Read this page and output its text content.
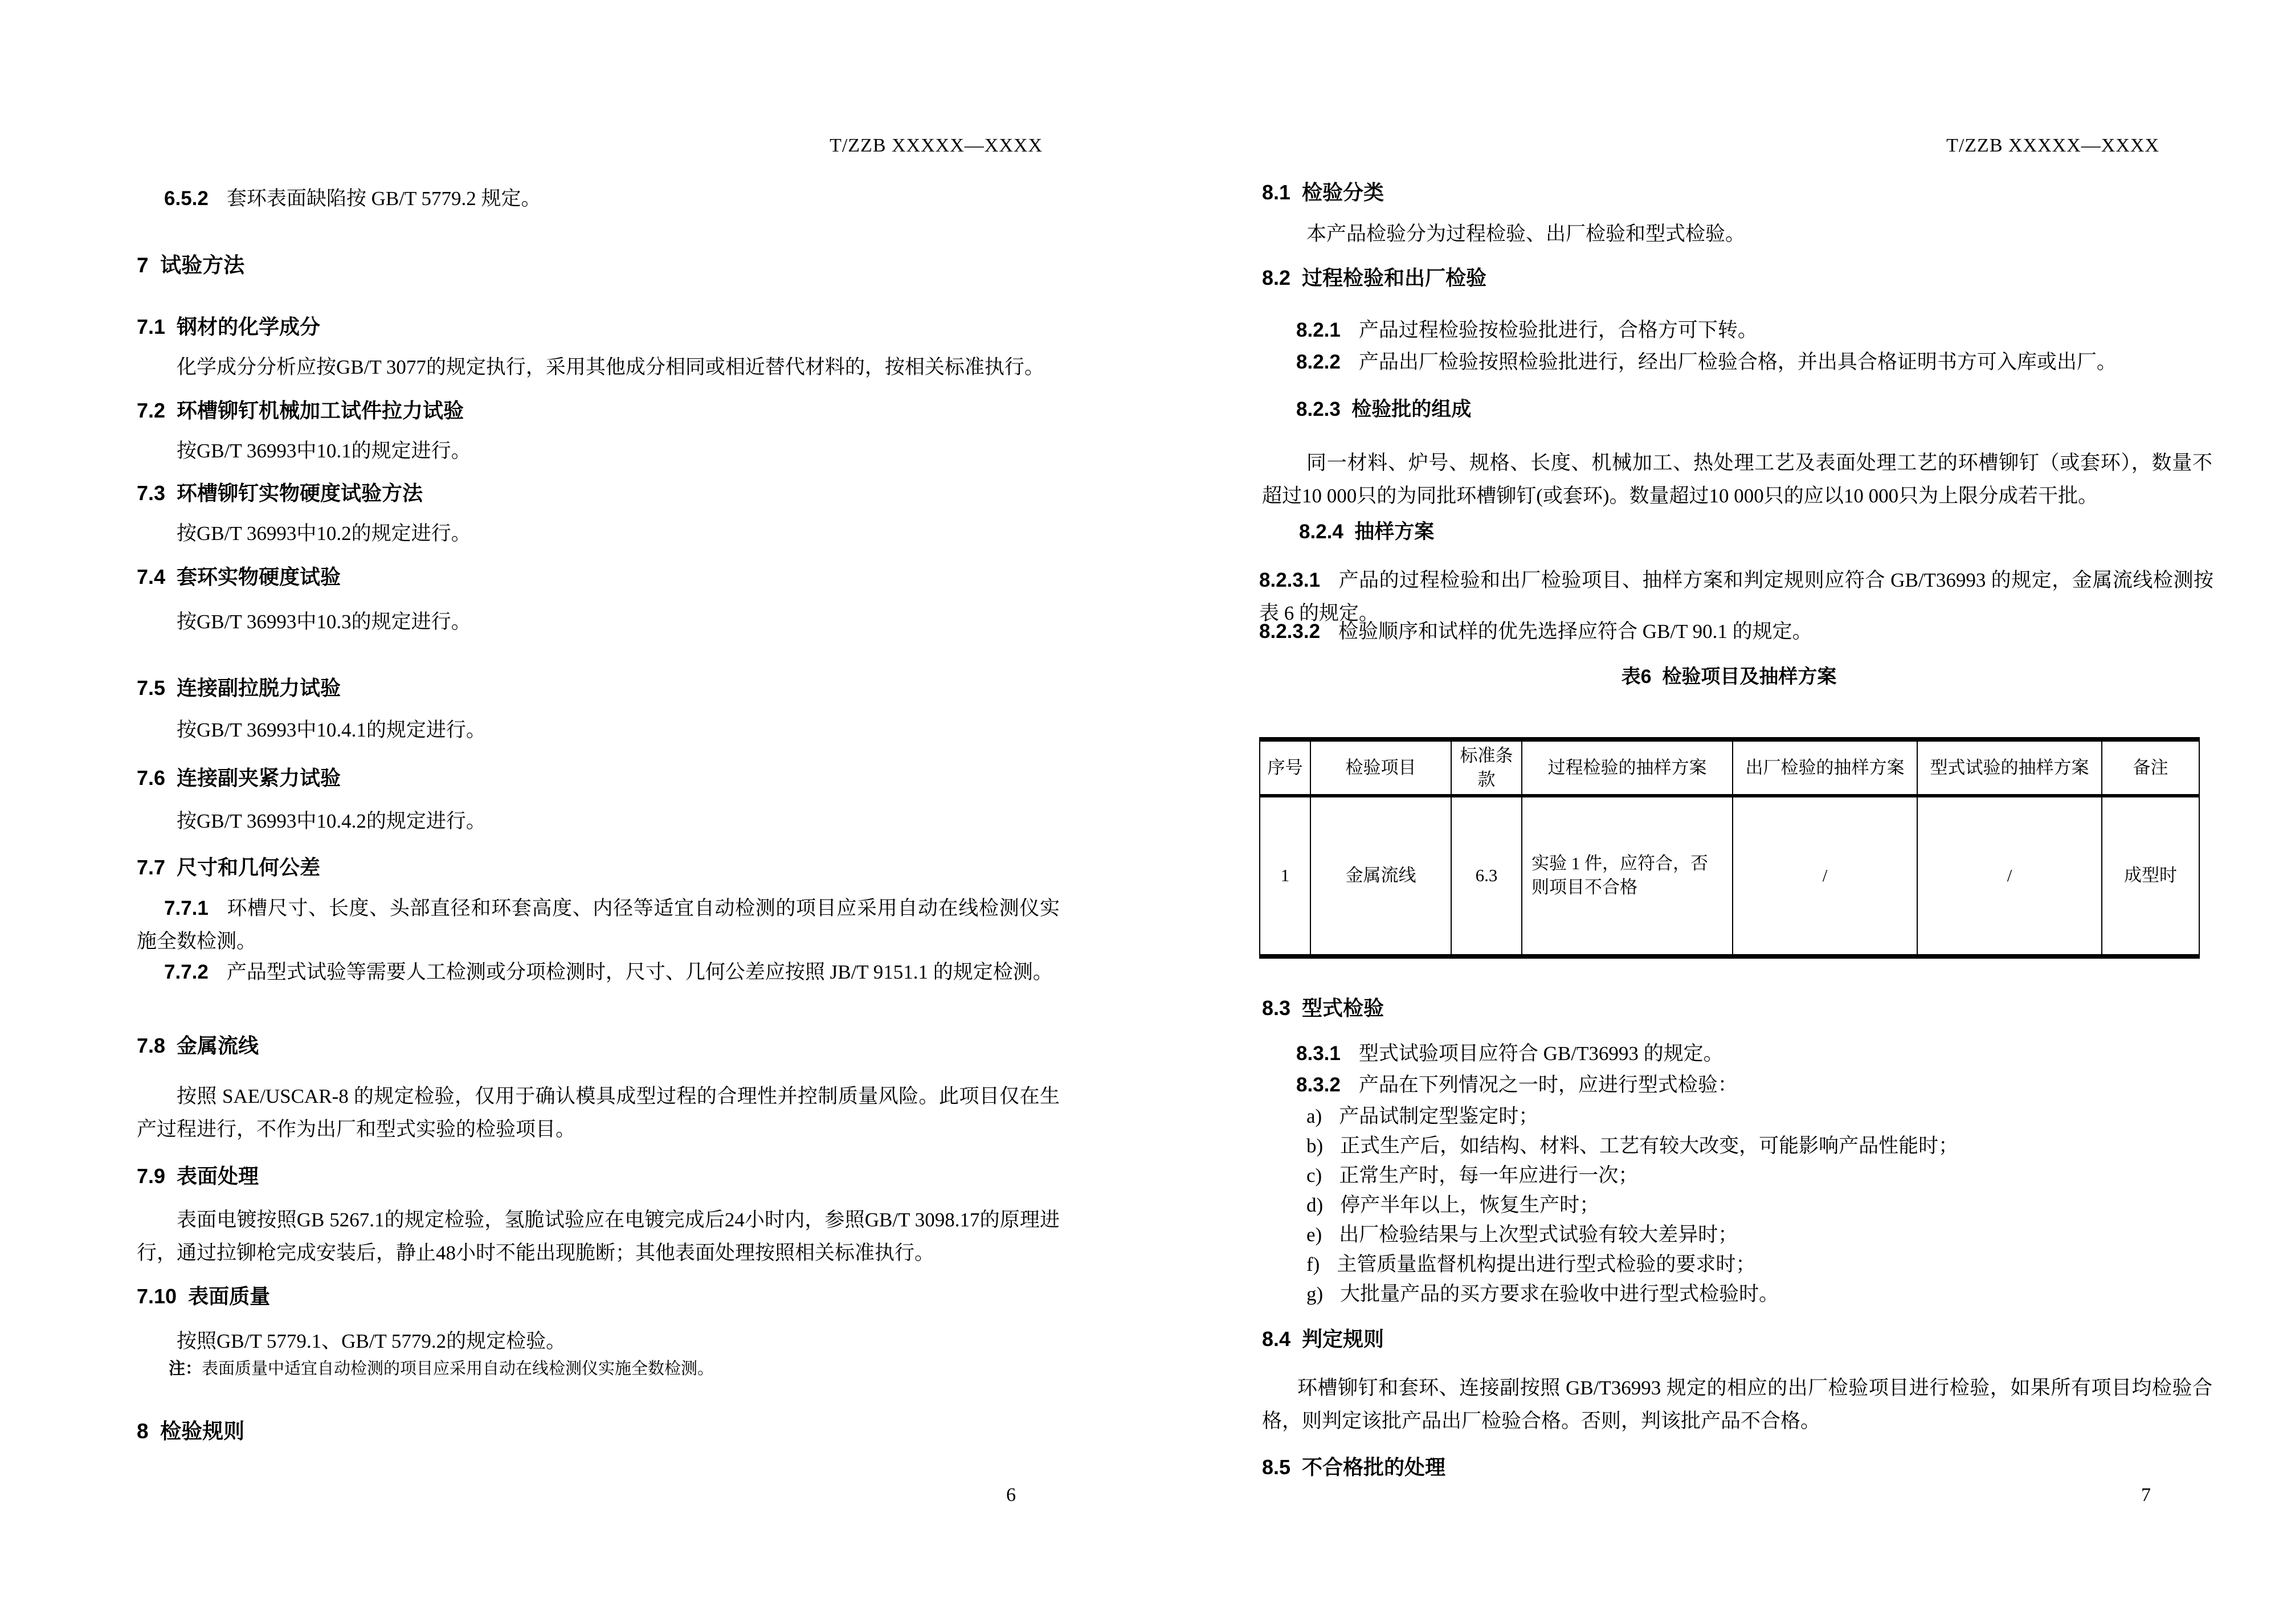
T/ZZB XXXXX—XXXX
6.5.2 套环表面缺陷按 GB/T 5779.2 规定。
7  试验方法
7.1  钢材的化学成分
化学成分分析应按GB/T 3077的规定执行，采用其他成分相同或相近替代材料的，按相关标准执行。
7.2  环槽铆钉机械加工试件拉力试验
按GB/T 36993中10.1的规定进行。
7.3  环槽铆钉实物硬度试验方法
按GB/T 36993中10.2的规定进行。
7.4  套环实物硬度试验
按GB/T 36993中10.3的规定进行。
7.5  连接副拉脱力试验
按GB/T 36993中10.4.1的规定进行。
7.6  连接副夹紧力试验
按GB/T 36993中10.4.2的规定进行。
7.7  尺寸和几何公差
7.7.1 环槽尺寸、长度、头部直径和环套高度、内径等适宜自动检测的项目应采用自动在线检测仪实施全数检测。
7.7.2 产品型式试验等需要人工检测或分项检测时，尺寸、几何公差应按照 JB/T 9151.1 的规定检测。
7.8  金属流线
按照 SAE/USCAR-8 的规定检验，仅用于确认模具成型过程的合理性并控制质量风险。此项目仅在生产过程进行，不作为出厂和型式实验的检验项目。
7.9  表面处理
表面电镀按照GB 5267.1的规定检验，氢脆试验应在电镀完成后24小时内，参照GB/T 3098.17的原理进行，通过拉铆枪完成安装后，静止48小时不能出现脆断；其他表面处理按照相关标准执行。
7.10  表面质量
按照GB/T 5779.1、GB/T 5779.2的规定检验。
注：表面质量中适宜自动检测的项目应采用自动在线检测仪实施全数检测。
8  检验规则
6
T/ZZB XXXXX—XXXX
8.1  检验分类
本产品检验分为过程检验、出厂检验和型式检验。
8.2  过程检验和出厂检验
8.2.1 产品过程检验按检验批进行，合格方可下转。
8.2.2 产品出厂检验按照检验批进行，经出厂检验合格，并出具合格证明书方可入库或出厂。
8.2.3  检验批的组成
同一材料、炉号、规格、长度、机械加工、热处理工艺及表面处理工艺的环槽铆钉（或套环），数量不超过10 000只的为同批环槽铆钉(或套环)。数量超过10 000只的应以10 000只为上限分成若干批。
8.2.4  抽样方案
8.2.3.1 产品的过程检验和出厂检验项目、抽样方案和判定规则应符合 GB/T36993 的规定，金属流线检测按表 6 的规定。
8.2.3.2 检验顺序和试样的优先选择应符合 GB/T 90.1 的规定。
表6  检验项目及抽样方案
序号	检验项目	标准条款	过程检验的抽样方案	出厂检验的抽样方案	型式试验的抽样方案	备注
1	金属流线	6.3	实验 1 件，应符合，否则项目不合格	/	/	成型时
8.3  型式检验
8.3.1 型式试验项目应符合 GB/T36993 的规定。
8.3.2 产品在下列情况之一时，应进行型式检验：
a) 产品试制定型鉴定时；
b) 正式生产后，如结构、材料、工艺有较大改变，可能影响产品性能时；
c) 正常生产时，每一年应进行一次；
d) 停产半年以上，恢复生产时；
e) 出厂检验结果与上次型式试验有较大差异时；
f) 主管质量监督机构提出进行型式检验的要求时；
g) 大批量产品的买方要求在验收中进行型式检验时。
8.4  判定规则
环槽铆钉和套环、连接副按照 GB/T36993 规定的相应的出厂检验项目进行检验，如果所有项目均检验合格，则判定该批产品出厂检验合格。否则，判该批产品不合格。
8.5  不合格批的处理
7
